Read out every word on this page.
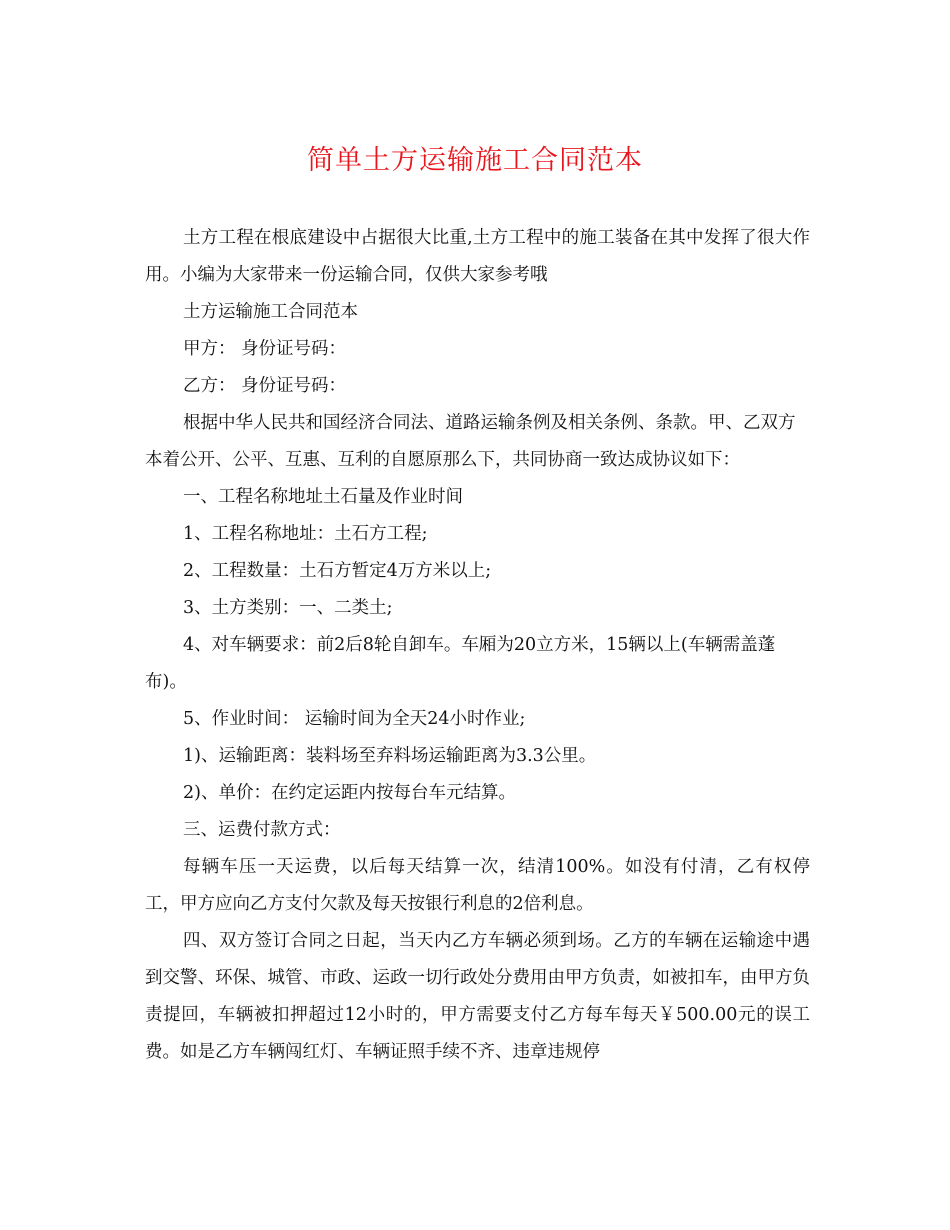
简单土方运输施工合同范本

土方工程在根底建设中占据很大比重,土方工程中的施工装备在其中发挥了很大作用。小编为大家带来一份运输合同，仅供大家参考哦

土方运输施工合同范本

甲方： 身份证号码：

乙方： 身份证号码：

根据中华人民共和国经济合同法、道路运输条例及相关条例、条款。甲、乙双方本着公开、公平、互惠、互利的自愿原那么下，共同协商一致达成协议如下：

一、工程名称地址土石量及作业时间

1、工程名称地址：土石方工程;

2、工程数量：土石方暂定4万方米以上;

3、土方类别：一、二类土;

4、对车辆要求：前2后8轮自卸车。车厢为20立方米，15辆以上(车辆需盖蓬布)。

5、作业时间： 运输时间为全天24小时作业;

1)、运输距离：装料场至弃料场运输距离为3.3公里。

2)、单价：在约定运距内按每台车元结算。

三、运费付款方式：

每辆车压一天运费，以后每天结算一次，结清100%。如没有付清，乙有权停工，甲方应向乙方支付欠款及每天按银行利息的2倍利息。

四、双方签订合同之日起，当天内乙方车辆必须到场。乙方的车辆在运输途中遇到交警、环保、城管、市政、运政一切行政处分费用由甲方负责，如被扣车，由甲方负责提回，车辆被扣押超过12小时的，甲方需要支付乙方每车每天￥500.00元的误工费。如是乙方车辆闯红灯、车辆证照手续不齐、违章违规停
